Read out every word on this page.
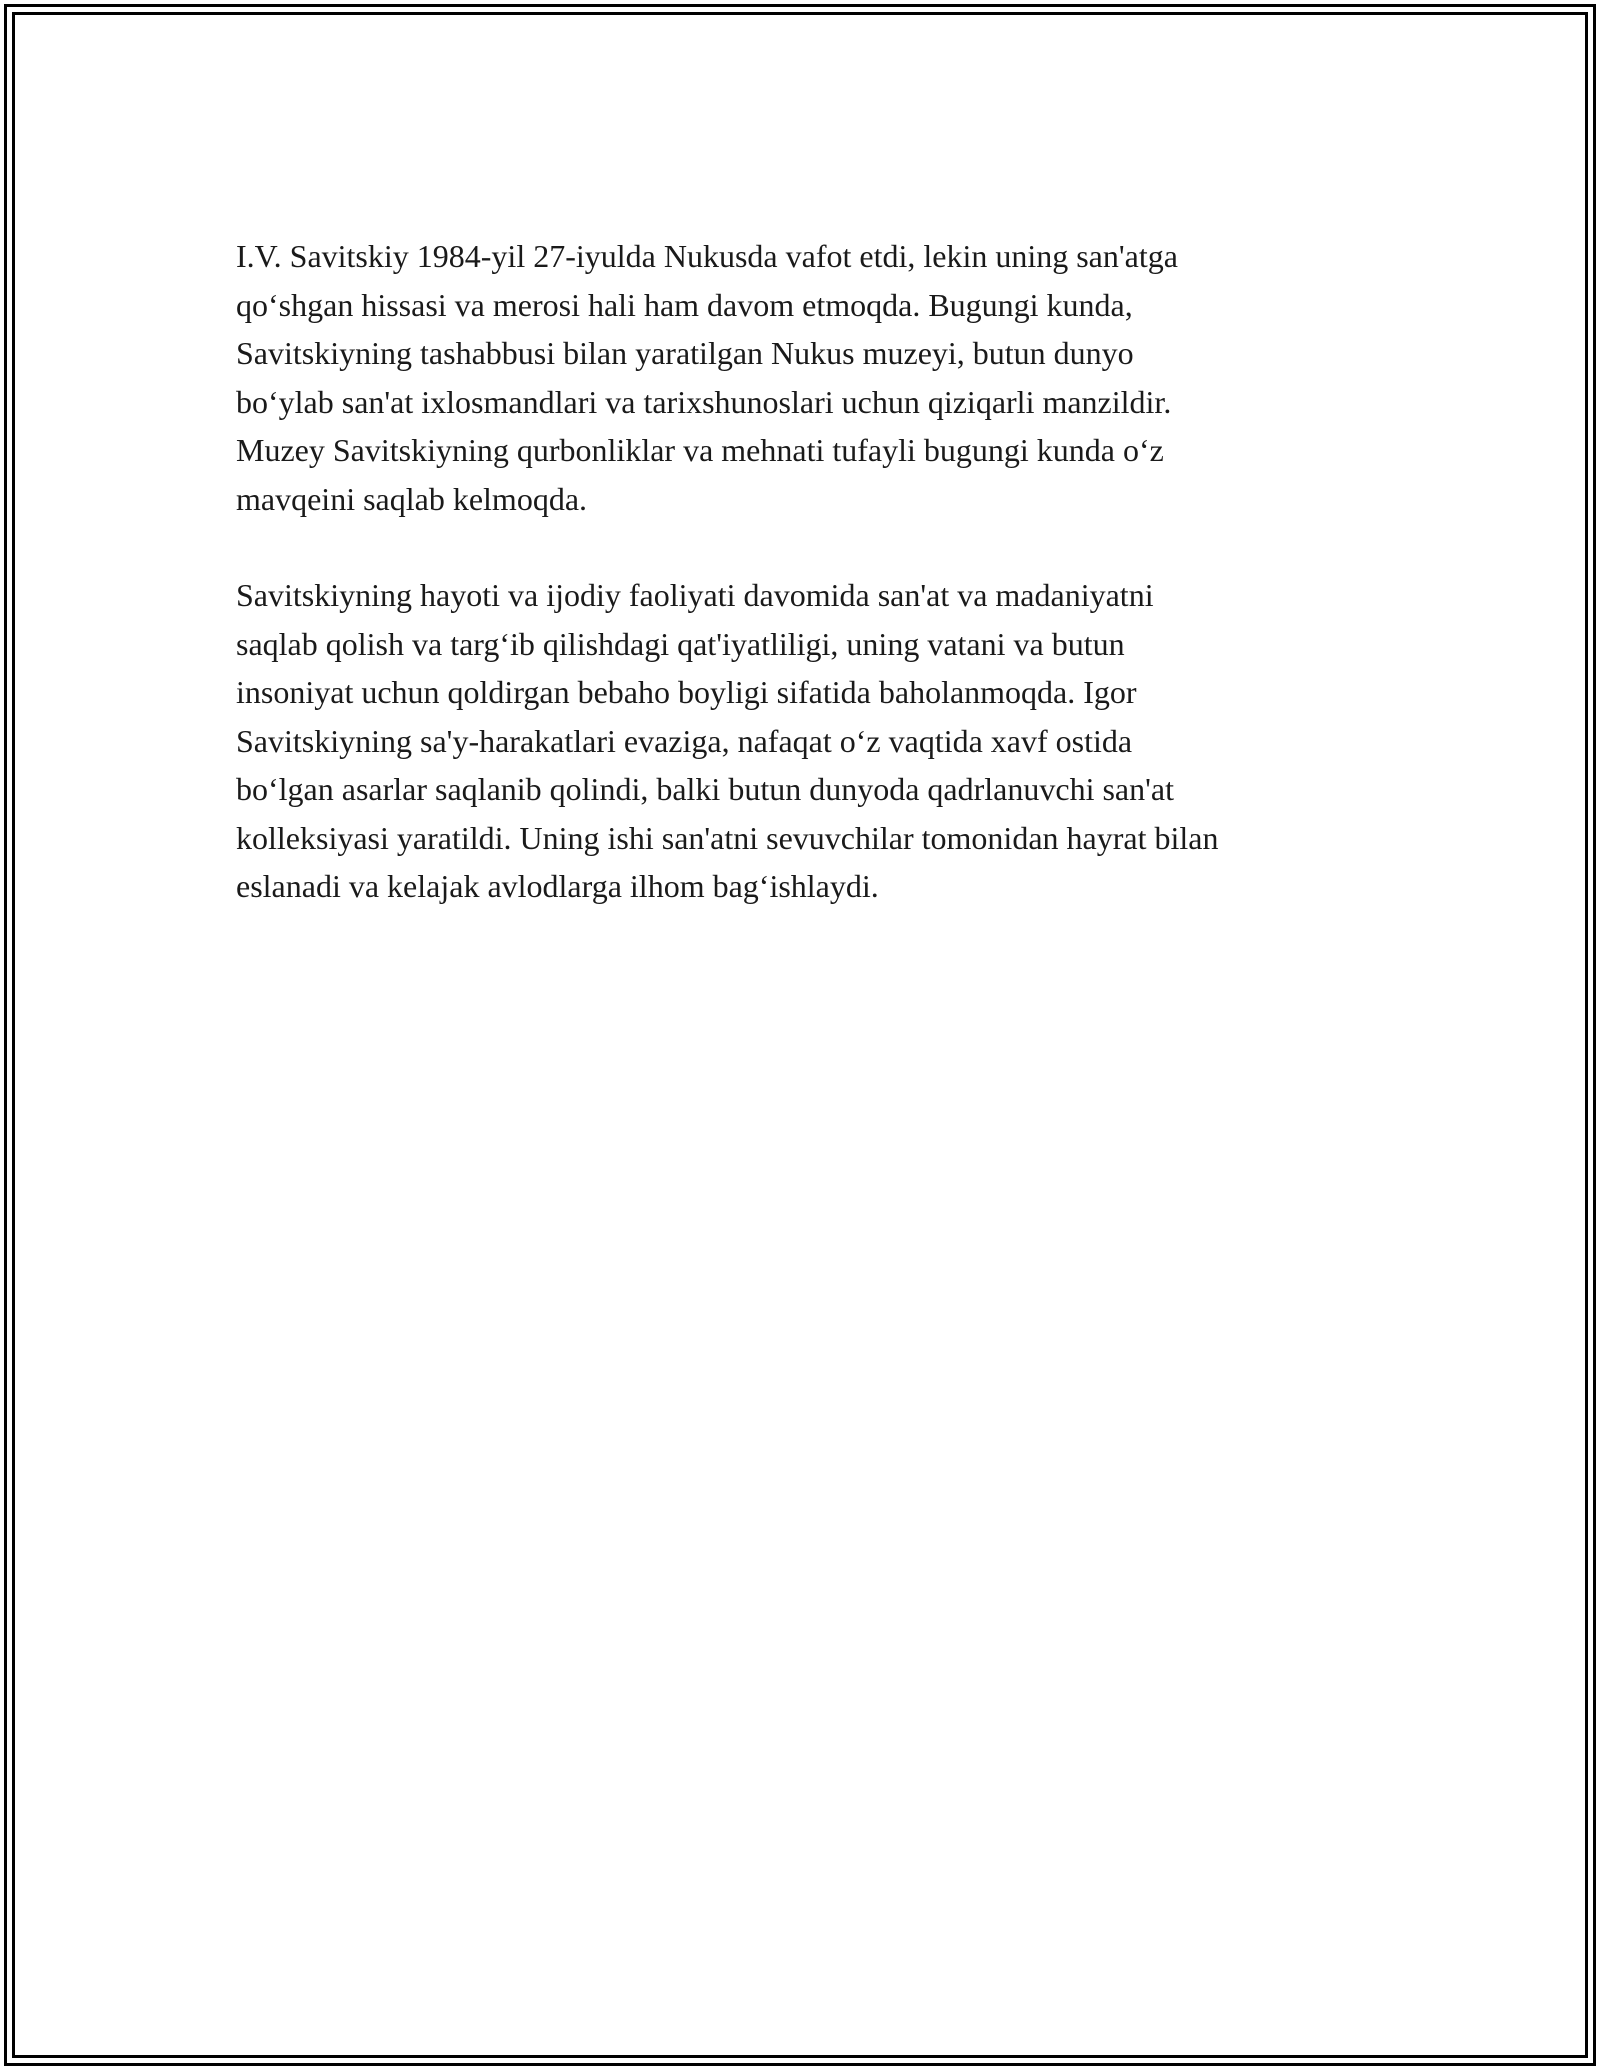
I.V. Savitskiy 1984-yil 27-iyulda Nukusda vafot etdi, lekin uning san'atga
qo‘shgan hissasi va merosi hali ham davom etmoqda. Bugungi kunda,
Savitskiyning tashabbusi bilan yaratilgan Nukus muzeyi, butun dunyo
bo‘ylab san'at ixlosmandlari va tarixshunoslari uchun qiziqarli manzildir.
Muzey Savitskiyning qurbonliklar va mehnati tufayli bugungi kunda o‘z
mavqeini saqlab kelmoqda.

Savitskiyning hayoti va ijodiy faoliyati davomida san'at va madaniyatni
saqlab qolish va targ‘ib qilishdagi qat'iyatliligi, uning vatani va butun
insoniyat uchun qoldirgan bebaho boyligi sifatida baholanmoqda. Igor
Savitskiyning sa'y-harakatlari evaziga, nafaqat o‘z vaqtida xavf ostida
bo‘lgan asarlar saqlanib qolindi, balki butun dunyoda qadrlanuvchi san'at
kolleksiyasi yaratildi. Uning ishi san'atni sevuvchilar tomonidan hayrat bilan
eslanadi va kelajak avlodlarga ilhom bag‘ishlaydi.
